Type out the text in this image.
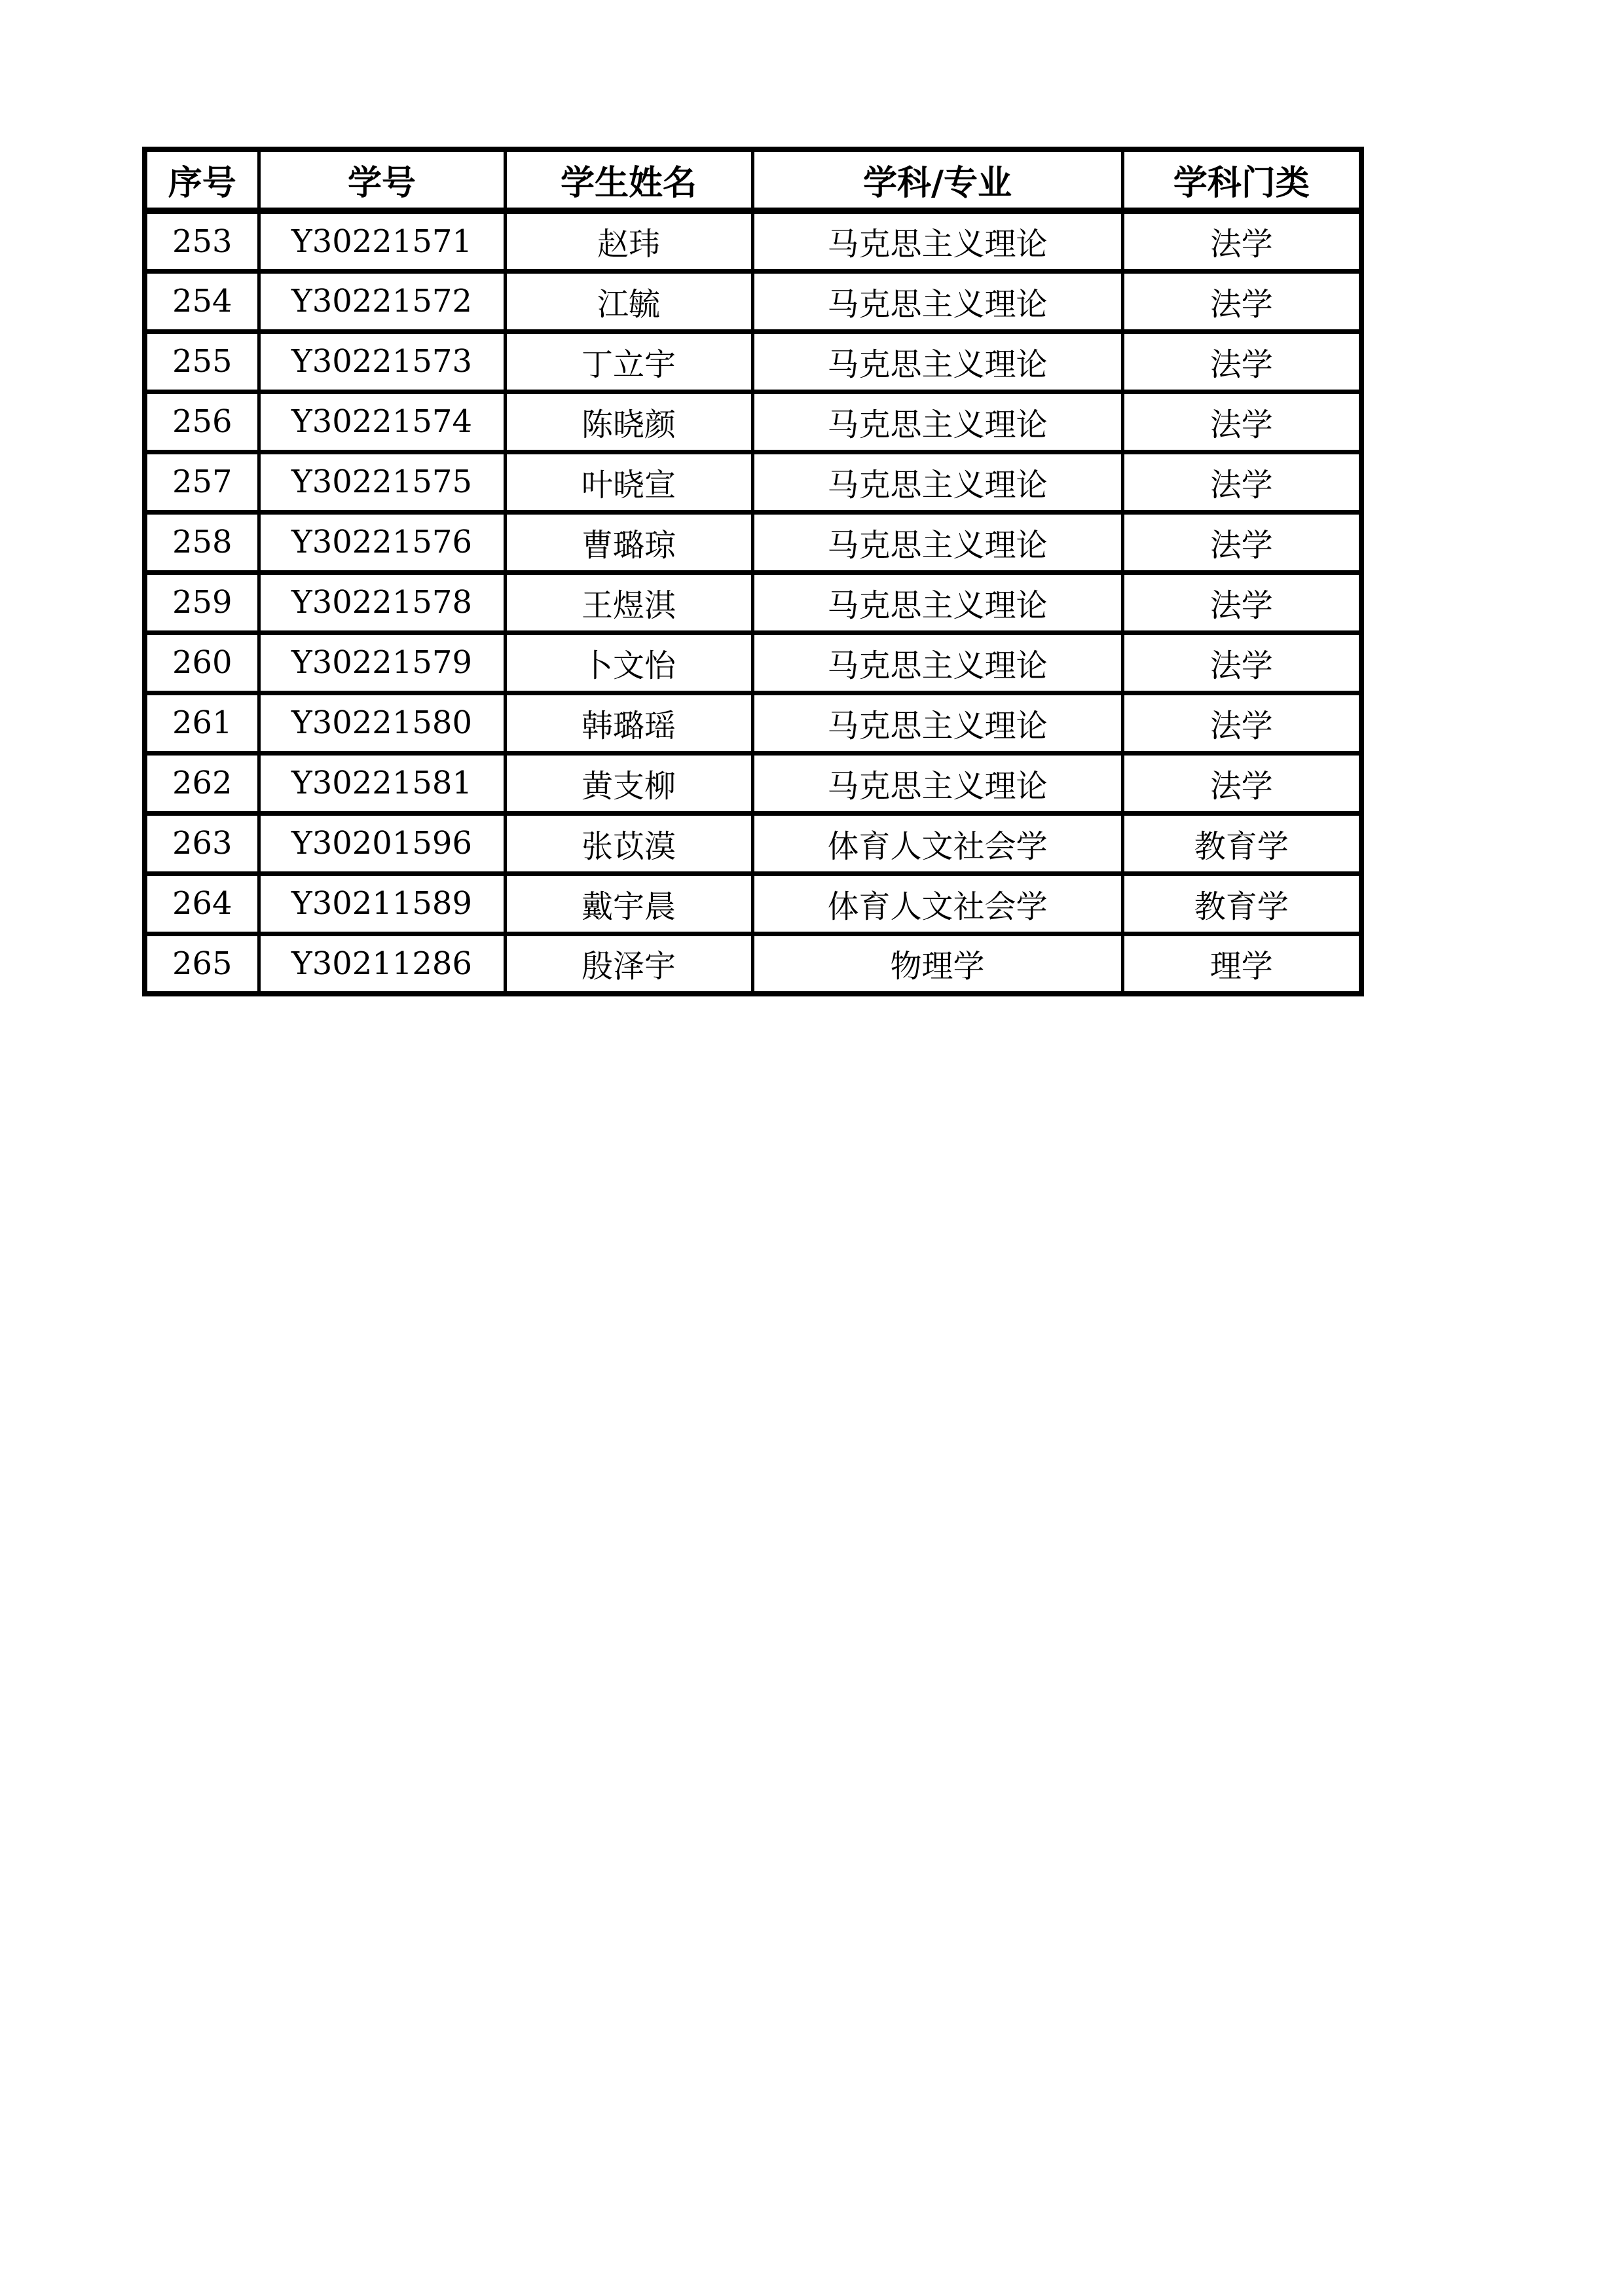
序号	学号	学生姓名	学科/专业	学科门类
253	Y30221571	赵玮	马克思主义理论	法学
254	Y30221572	江毓	马克思主义理论	法学
255	Y30221573	丁立宇	马克思主义理论	法学
256	Y30221574	陈晓颜	马克思主义理论	法学
257	Y30221575	叶晓宣	马克思主义理论	法学
258	Y30221576	曹璐琼	马克思主义理论	法学
259	Y30221578	王煜淇	马克思主义理论	法学
260	Y30221579	卜文怡	马克思主义理论	法学
261	Y30221580	韩璐瑶	马克思主义理论	法学
262	Y30221581	黄支柳	马克思主义理论	法学
263	Y30201596	张苡漠	体育人文社会学	教育学
264	Y30211589	戴宇晨	体育人文社会学	教育学
265	Y30211286	殷泽宇	物理学	理学
